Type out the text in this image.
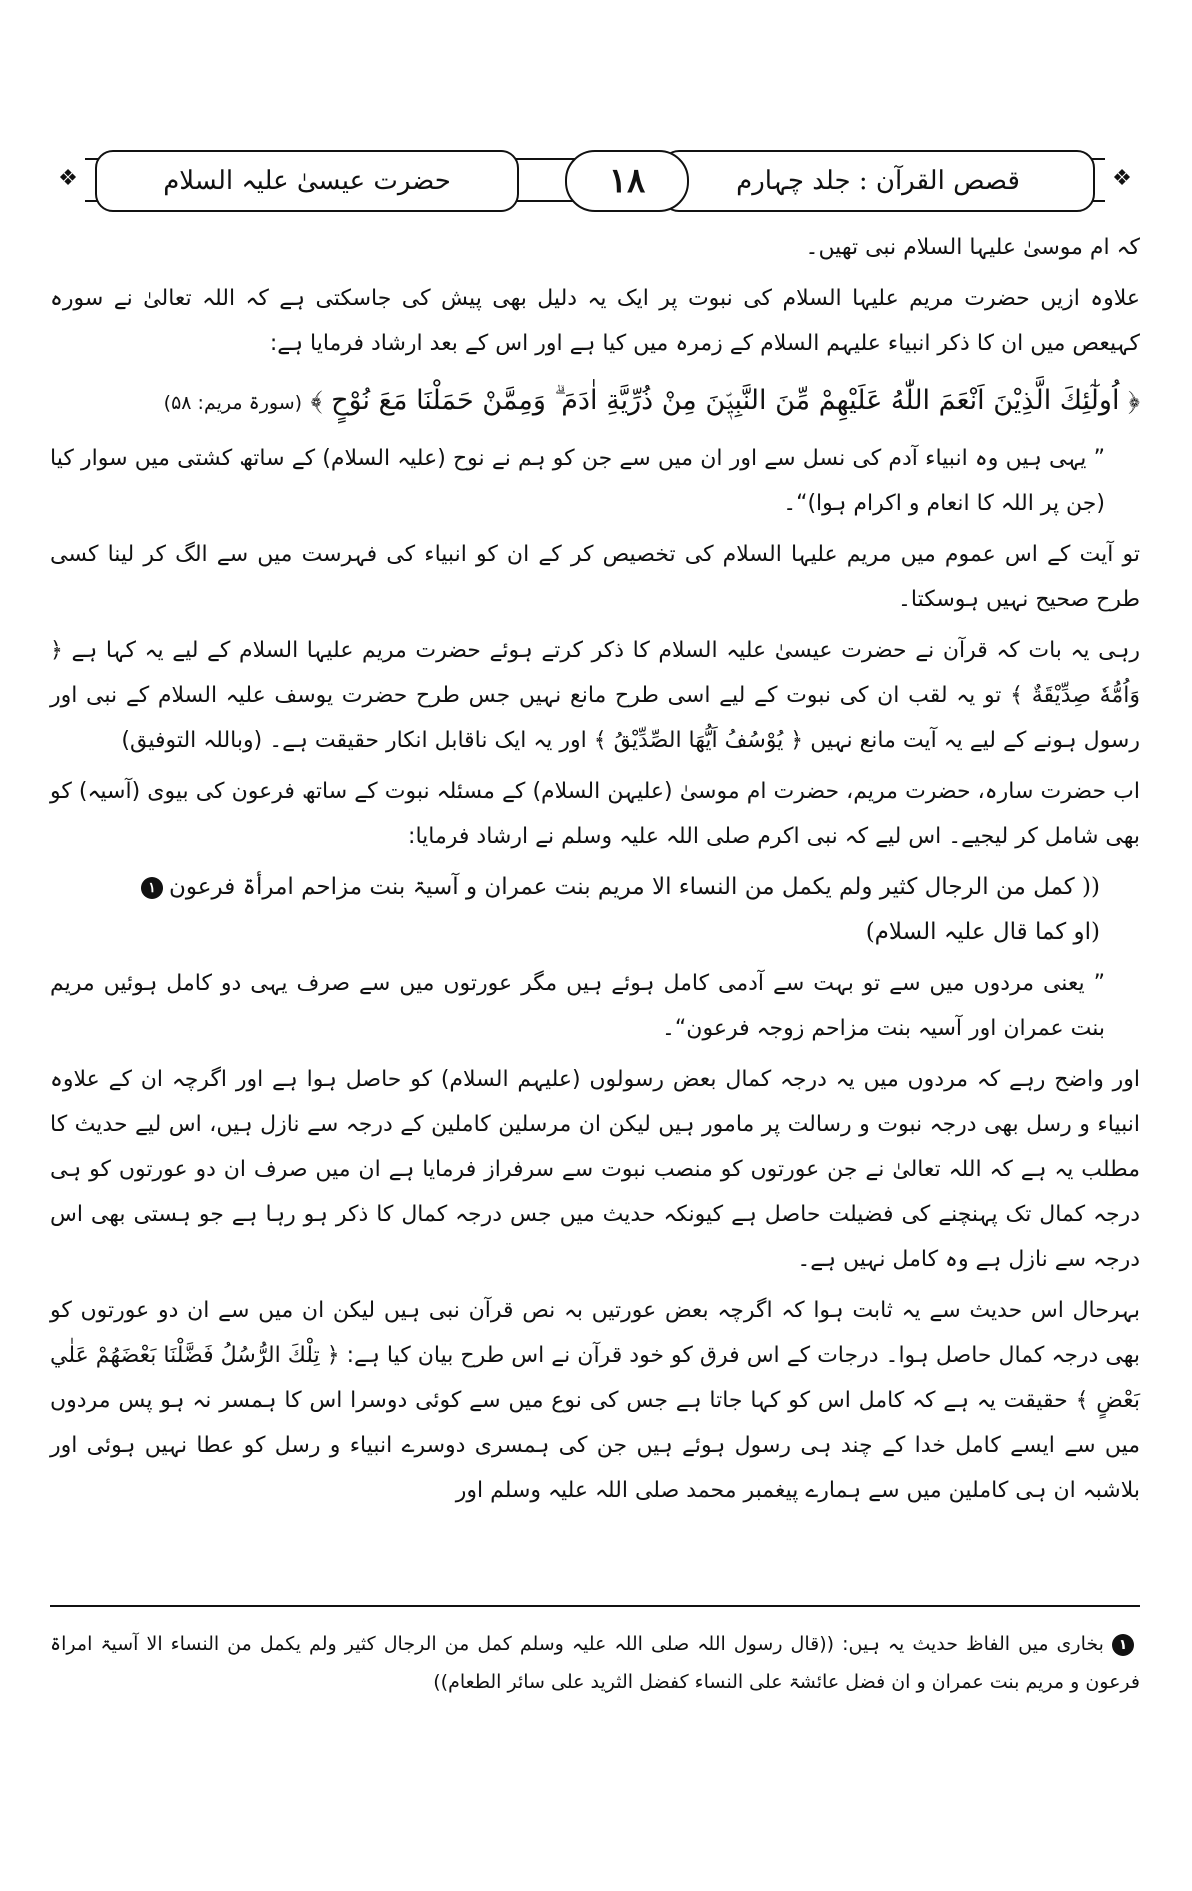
❖	❖
قصص القرآن : جلد چہارم
۱۸
حضرت عیسیٰ علیہ السلام

کہ ام موسیٰ علیہا السلام نبی تھیں۔

علاوہ ازیں حضرت مریم علیہا السلام کی نبوت پر ایک یہ دلیل بھی پیش کی جاسکتی ہے کہ اللہ تعالیٰ نے سورہ کہیعص میں ان کا ذکر انبیاء علیہم السلام کے زمرہ میں کیا ہے اور اس کے بعد ارشاد فرمایا ہے:

﴿ اُولٰٓئِكَ الَّذِيْنَ اَنْعَمَ اللّٰهُ عَلَيْهِمْ مِّنَ النَّبِيّٖنَ مِنْ ذُرِّيَّةِ اٰدَمَ ۗ وَمِمَّنْ حَمَلْنَا مَعَ نُوْحٍ ﴾ (سورۃ مریم: ۵۸)

” یہی ہیں وہ انبیاء آدم کی نسل سے اور ان میں سے جن کو ہم نے نوح (علیہ السلام) کے ساتھ کشتی میں سوار کیا (جن پر اللہ کا انعام و اکرام ہوا)“۔

تو آیت کے اس عموم میں مریم علیہا السلام کی تخصیص کر کے ان کو انبیاء کی فہرست میں سے الگ کر لینا کسی طرح صحیح نہیں ہوسکتا۔

رہی یہ بات کہ قرآن نے حضرت عیسیٰ علیہ السلام کا ذکر کرتے ہوئے حضرت مریم علیہا السلام کے لیے یہ کہا ہے ﴿ وَاُمُّهٗ صِدِّيْقَةٌ ﴾ تو یہ لقب ان کی نبوت کے لیے اسی طرح مانع نہیں جس طرح حضرت یوسف علیہ السلام کے نبی اور رسول ہونے کے لیے یہ آیت مانع نہیں ﴿ يُوْسُفُ اَيُّهَا الصِّدِّيْقُ ﴾ اور یہ ایک ناقابل انکار حقیقت ہے۔ (وباللہ التوفیق)

اب حضرت سارہ، حضرت مریم، حضرت ام موسیٰ (علیہن السلام) کے مسئلہ نبوت کے ساتھ فرعون کی بیوی (آسیہ) کو بھی شامل کر لیجیے۔ اس لیے کہ نبی اکرم صلی اللہ علیہ وسلم نے ارشاد فرمایا:

(( کمل من الرجال کثیر ولم یکمل من النساء الا مریم بنت عمران و آسیۃ بنت مزاحم امرأۃ فرعون۱
(او کما قال علیہ السلام)

” یعنی مردوں میں سے تو بہت سے آدمی کامل ہوئے ہیں مگر عورتوں میں سے صرف یہی دو کامل ہوئیں مریم بنت عمران اور آسیہ بنت مزاحم زوجہ فرعون“۔

اور واضح رہے کہ مردوں میں یہ درجہ کمال بعض رسولوں (علیہم السلام) کو حاصل ہوا ہے اور اگرچہ ان کے علاوہ انبیاء و رسل بھی درجہ نبوت و رسالت پر مامور ہیں لیکن ان مرسلین کاملین کے درجہ سے نازل ہیں، اس لیے حدیث کا مطلب یہ ہے کہ اللہ تعالیٰ نے جن عورتوں کو منصب نبوت سے سرفراز فرمایا ہے ان میں صرف ان دو عورتوں کو ہی درجہ کمال تک پہنچنے کی فضیلت حاصل ہے کیونکہ حدیث میں جس درجہ کمال کا ذکر ہو رہا ہے جو ہستی بھی اس درجہ سے نازل ہے وہ کامل نہیں ہے۔

بہرحال اس حدیث سے یہ ثابت ہوا کہ اگرچہ بعض عورتیں بہ نص قرآن نبی ہیں لیکن ان میں سے ان دو عورتوں کو بھی درجہ کمال حاصل ہوا۔ درجات کے اس فرق کو خود قرآن نے اس طرح بیان کیا ہے: ﴿ تِلْكَ الرُّسُلُ فَضَّلْنَا بَعْضَهُمْ عَلٰي بَعْضٍ ﴾ حقیقت یہ ہے کہ کامل اس کو کہا جاتا ہے جس کی نوع میں سے کوئی دوسرا اس کا ہمسر نہ ہو پس مردوں میں سے ایسے کامل خدا کے چند ہی رسول ہوئے ہیں جن کی ہمسری دوسرے انبیاء و رسل کو عطا نہیں ہوئی اور بلاشبہ ان ہی کاملین میں سے ہمارے پیغمبر محمد صلی اللہ علیہ وسلم اور

۱ بخاری میں الفاظ حدیث یہ ہیں: ((قال رسول اللہ صلی اللہ علیہ وسلم کمل من الرجال کثیر ولم یکمل من النساء الا آسیۃ امراۃ فرعون و مریم بنت عمران و ان فضل عائشۃ علی النساء کفضل الثرید علی سائر الطعام))
